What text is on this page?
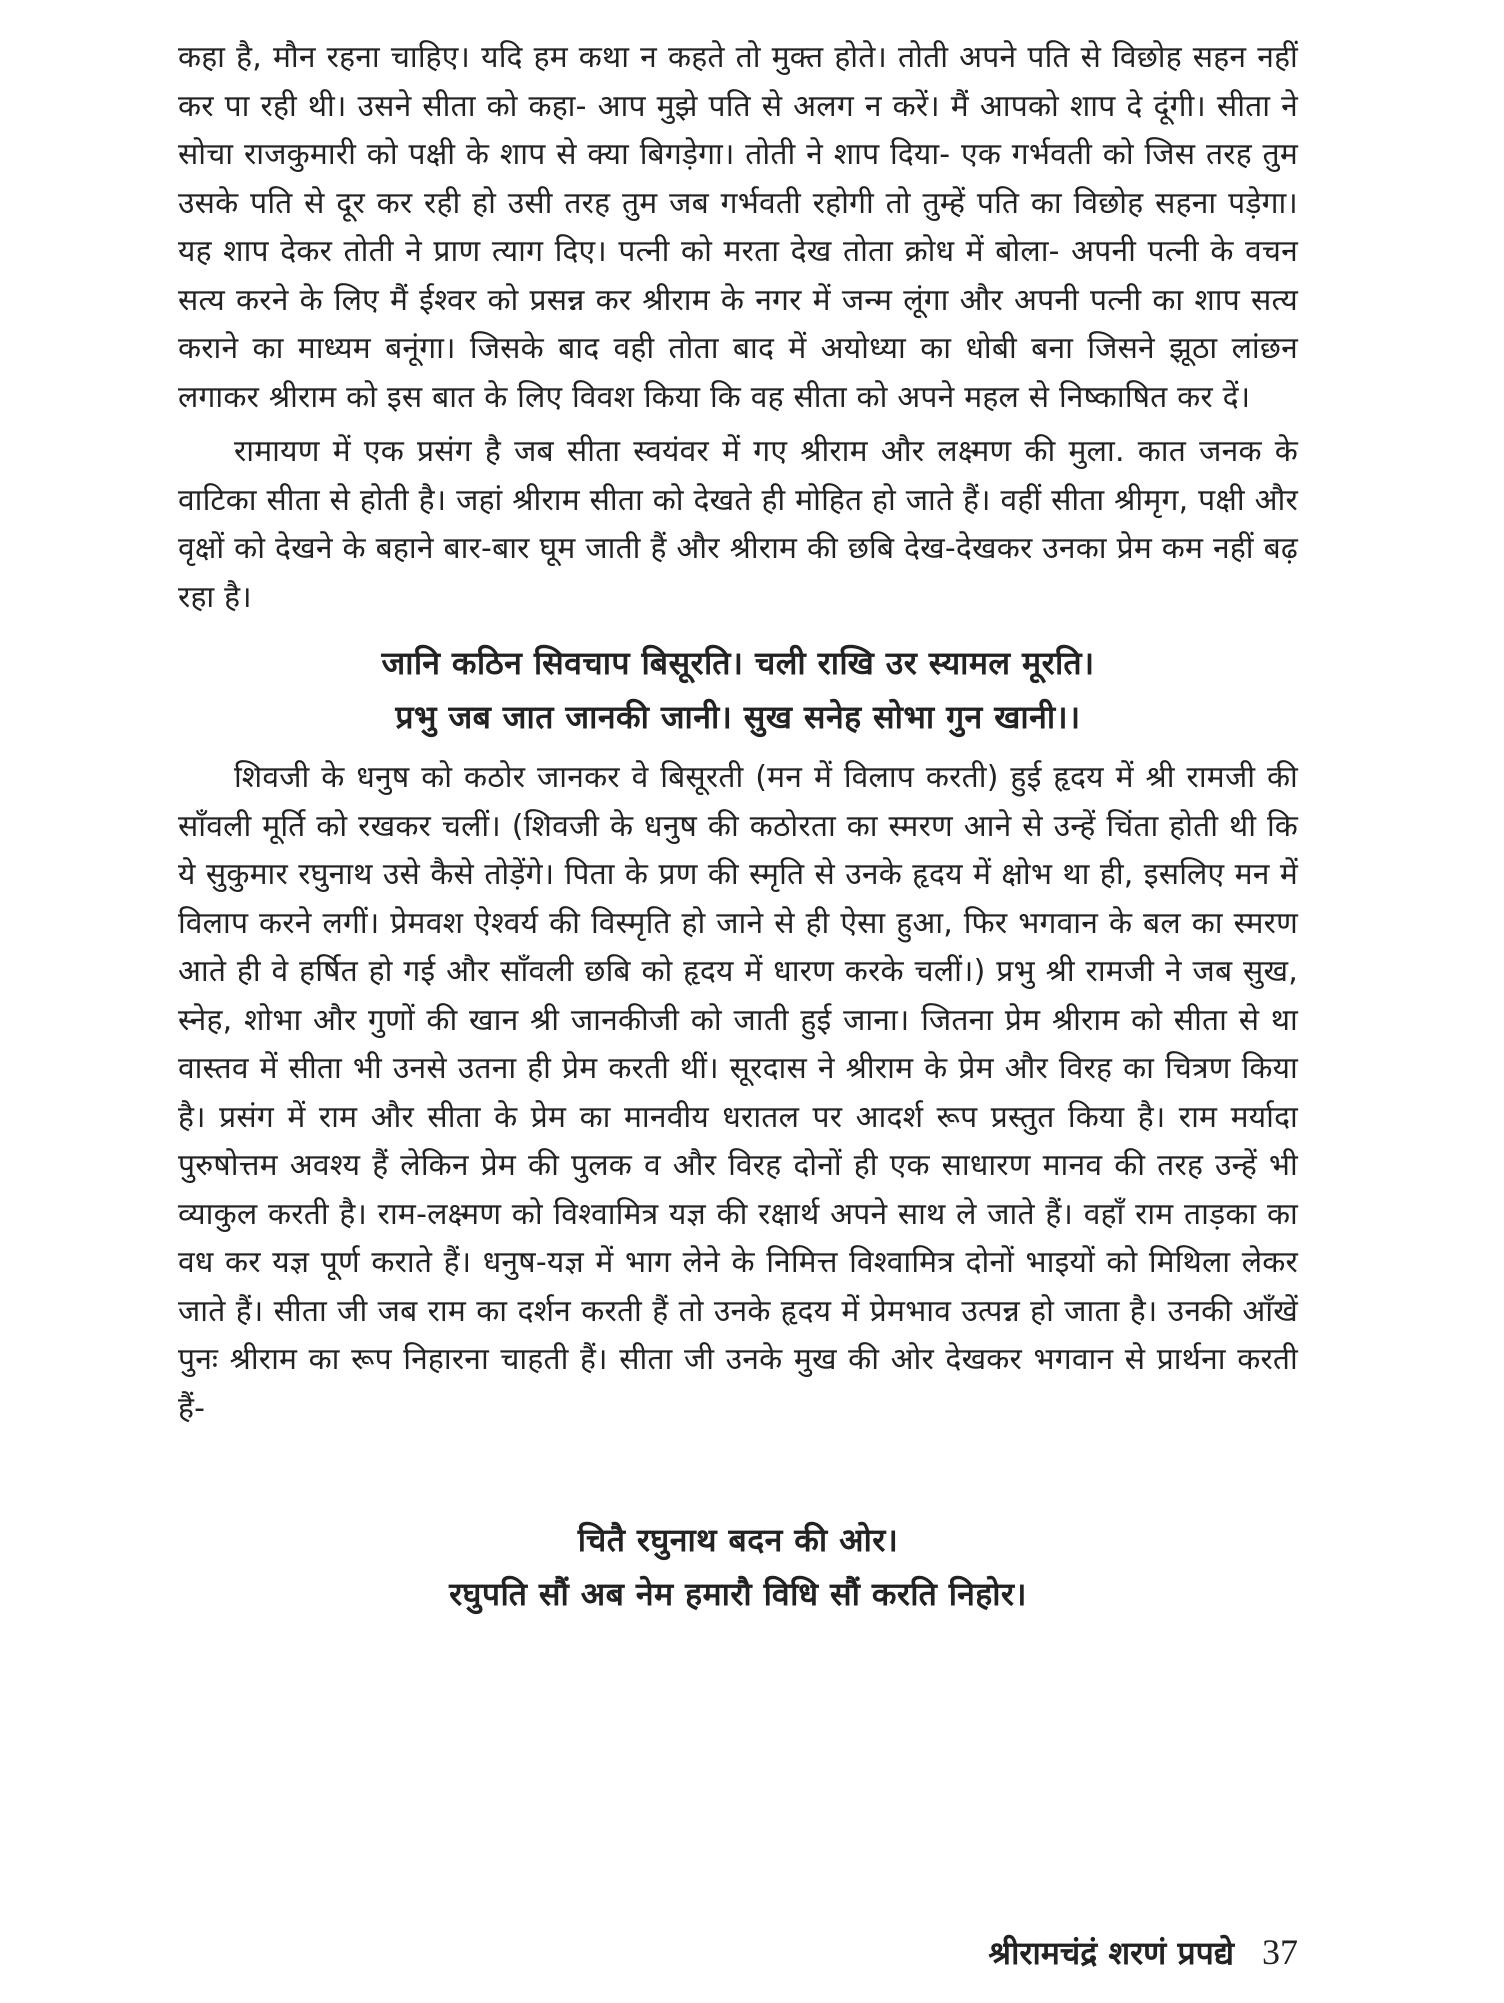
कहा है, मौन रहना चाहिए। यदि हम कथा न कहते तो मुक्त होते। तोती अपने पति से विछोह सहन नहीं कर पा रही थी। उसने सीता को कहा- आप मुझे पति से अलग न करें। मैं आपको शाप दे दूंगी। सीता ने सोचा राजकुमारी को पक्षी के शाप से क्या बिगड़ेगा। तोती ने शाप दिया- एक गर्भवती को जिस तरह तुम उसके पति से दूर कर रही हो उसी तरह तुम जब गर्भवती रहोगी तो तुम्हें पति का विछोह सहना पड़ेगा। यह शाप देकर तोती ने प्राण त्याग दिए। पत्नी को मरता देख तोता क्रोध में बोला- अपनी पत्नी के वचन सत्य करने के लिए मैं ईश्वर को प्रसन्न कर श्रीराम के नगर में जन्म लूंगा और अपनी पत्नी का शाप सत्य कराने का माध्यम बनूंगा। जिसके बाद वही तोता बाद में अयोध्या का धोबी बना जिसने झूठा लांछन लगाकर श्रीराम को इस बात के लिए विवश किया कि वह सीता को अपने महल से निष्काषित कर दें।

रामायण में एक प्रसंग है जब सीता स्वयंवर में गए श्रीराम और लक्ष्मण की मुला. कात जनक के वाटिका सीता से होती है। जहां श्रीराम सीता को देखते ही मोहित हो जाते हैं। वहीं सीता श्रीमृग, पक्षी और वृक्षों को देखने के बहाने बार-बार घूम जाती हैं और श्रीराम की छबि देख-देखकर उनका प्रेम कम नहीं बढ़ रहा है।

जानि कठिन सिवचाप बिसूरति। चली राखि उर स्यामल मूरति।

प्रभु जब जात जानकी जानी। सुख सनेह सोभा गुन खानी।।

शिवजी के धनुष को कठोर जानकर वे बिसूरती (मन में विलाप करती) हुई हृदय में श्री रामजी की साँवली मूर्ति को रखकर चलीं। (शिवजी के धनुष की कठोरता का स्मरण आने से उन्हें चिंता होती थी कि ये सुकुमार रघुनाथ उसे कैसे तोड़ेंगे। पिता के प्रण की स्मृति से उनके हृदय में क्षोभ था ही, इसलिए मन में विलाप करने लगीं। प्रेमवश ऐश्वर्य की विस्मृति हो जाने से ही ऐसा हुआ, फिर भगवान के बल का स्मरण आते ही वे हर्षित हो गई और साँवली छबि को हृदय में धारण करके चलीं।) प्रभु श्री रामजी ने जब सुख, स्नेह, शोभा और गुणों की खान श्री जानकीजी को जाती हुई जाना। जितना प्रेम श्रीराम को सीता से था वास्तव में सीता भी उनसे उतना ही प्रेम करती थीं। सूरदास ने श्रीराम के प्रेम और विरह का चित्रण किया है। प्रसंग में राम और सीता के प्रेम का मानवीय धरातल पर आदर्श रूप प्रस्तुत किया है। राम मर्यादा पुरुषोत्तम अवश्य हैं लेकिन प्रेम की पुलक व और विरह दोनों ही एक साधारण मानव की तरह उन्हें भी व्याकुल करती है। राम-लक्ष्मण को विश्वामित्र यज्ञ की रक्षार्थ अपने साथ ले जाते हैं। वहाँ राम ताड़का का वध कर यज्ञ पूर्ण कराते हैं। धनुष-यज्ञ में भाग लेने के निमित्त विश्वामित्र दोनों भाइयों को मिथिला लेकर जाते हैं। सीता जी जब राम का दर्शन करती हैं तो उनके हृदय में प्रेमभाव उत्पन्न हो जाता है। उनकी आँखें पुनः श्रीराम का रूप निहारना चाहती हैं। सीता जी उनके मुख की ओर देखकर भगवान से प्रार्थना करती हैं-

चितै रघुनाथ बदन की ओर।

रघुपति सौं अब नेम हमारौ विधि सौं करति निहोर।

श्रीरामचंद्रं शरणं प्रपद्ये 37
